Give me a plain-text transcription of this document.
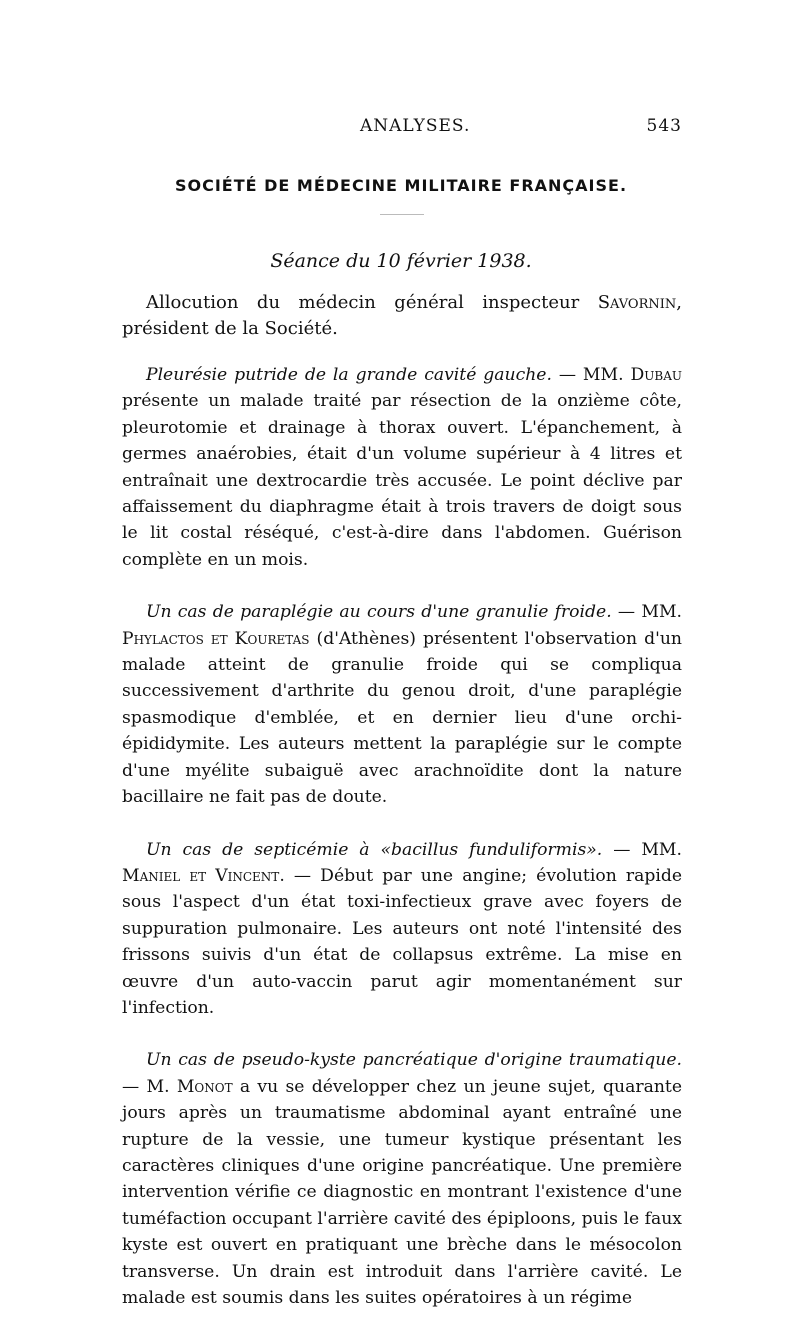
ANALYSES.	543
SOCIÉTÉ DE MÉDECINE MILITAIRE FRANÇAISE.
Séance du 10 février 1938.

Allocution du médecin général inspecteur Savornin, président de la Société.

Pleurésie putride de la grande cavité gauche. — MM. Dubau présente un malade traité par résection de la onzième côte, pleurotomie et drainage à thorax ouvert. L'épanchement, à germes anaérobies, était d'un volume supérieur à 4 litres et entraînait une dextrocardie très accusée. Le point déclive par affaissement du diaphragme était à trois travers de doigt sous le lit costal réséqué, c'est-à-dire dans l'abdomen. Guérison complète en un mois.

Un cas de paraplégie au cours d'une granulie froide. — MM. Phylactos et Kouretas (d'Athènes) présentent l'observation d'un malade atteint de granulie froide qui se compliqua successivement d'arthrite du genou droit, d'une paraplégie spasmodique d'emblée, et en dernier lieu d'une orchi-épididymite. Les auteurs mettent la paraplégie sur le compte d'une myélite subaiguë avec arachnoïdite dont la nature bacillaire ne fait pas de doute.

Un cas de septicémie à «bacillus funduliformis». — MM. Maniel et Vincent. — Début par une angine; évolution rapide sous l'aspect d'un état toxi-infectieux grave avec foyers de suppuration pulmonaire. Les auteurs ont noté l'intensité des frissons suivis d'un état de collapsus extrême. La mise en œuvre d'un auto-vaccin parut agir momentanément sur l'infection.

Un cas de pseudo-kyste pancréatique d'origine traumatique. — M. Monot a vu se développer chez un jeune sujet, quarante jours après un traumatisme abdominal ayant entraîné une rupture de la vessie, une tumeur kystique présentant les caractères cliniques d'une origine pancréatique. Une première intervention vérifie ce diagnostic en montrant l'existence d'une tuméfaction occupant l'arrière cavité des épiploons, puis le faux kyste est ouvert en pratiquant une brèche dans le mésocolon transverse. Un drain est introduit dans l'arrière cavité. Le malade est soumis dans les suites opératoires à un régime
